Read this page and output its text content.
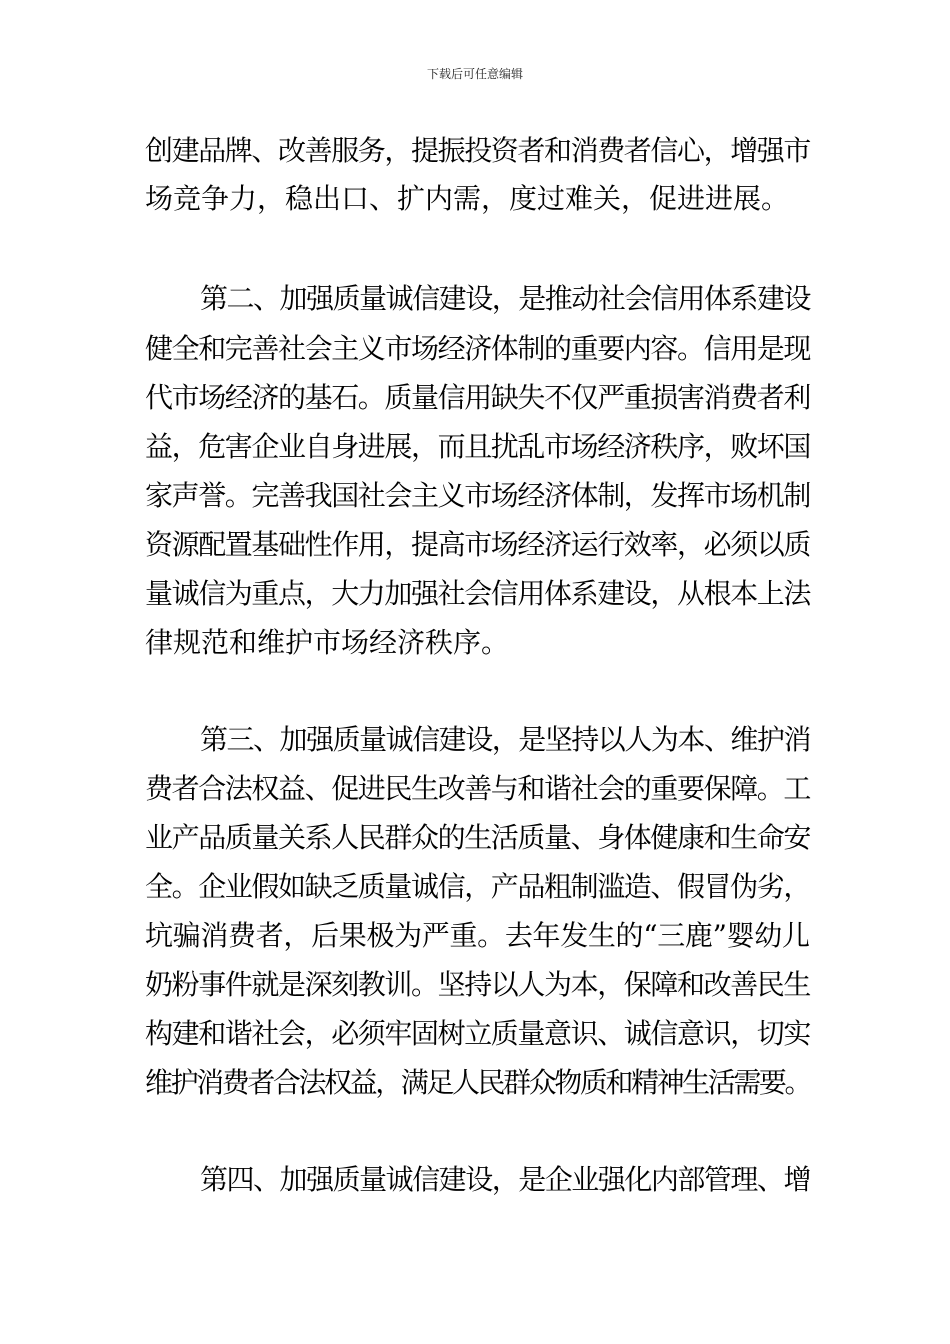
下载后可任意编辑
创建品牌、改善服务，提振投资者和消费者信心，增强市
场竞争力，稳出口、扩内需，度过难关，促进进展。
第二、加强质量诚信建设，是推动社会信用体系建设
健全和完善社会主义市场经济体制的重要内容。信用是现
代市场经济的基石。质量信用缺失不仅严重损害消费者利
益，危害企业自身进展，而且扰乱市场经济秩序，败坏国
家声誉。完善我国社会主义市场经济体制，发挥市场机制
资源配置基础性作用，提高市场经济运行效率，必须以质
量诚信为重点，大力加强社会信用体系建设，从根本上法
律规范和维护市场经济秩序。
第三、加强质量诚信建设，是坚持以人为本、维护消
费者合法权益、促进民生改善与和谐社会的重要保障。工
业产品质量关系人民群众的生活质量、身体健康和生命安
全。企业假如缺乏质量诚信，产品粗制滥造、假冒伪劣，
坑骗消费者，后果极为严重。去年发生的“三鹿”婴幼儿
奶粉事件就是深刻教训。坚持以人为本，保障和改善民生
构建和谐社会，必须牢固树立质量意识、诚信意识，切实
维护消费者合法权益，满足人民群众物质和精神生活需要。
第四、加强质量诚信建设，是企业强化内部管理、增
